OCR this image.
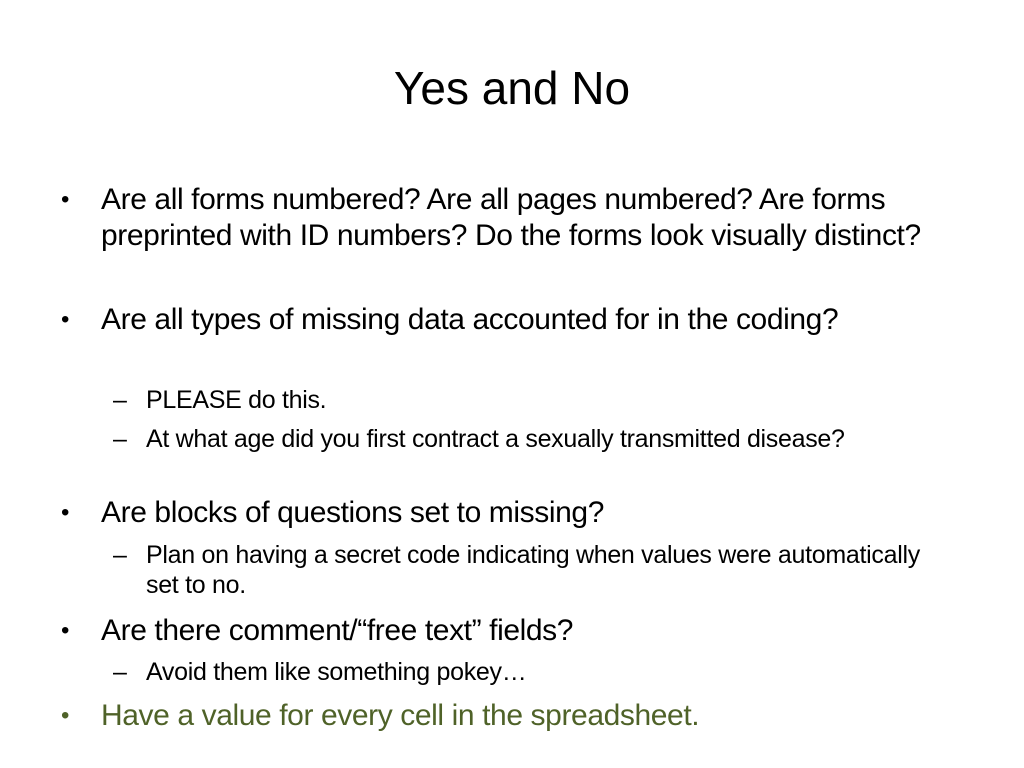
Yes and No
• Are all forms numbered? Are all pages numbered? Are forms preprinted with ID numbers? Do the forms look visually distinct?
• Are all types of missing data accounted for in the coding?
– PLEASE do this.
– At what age did you first contract a sexually transmitted disease?
• Are blocks of questions set to missing?
– Plan on having a secret code indicating when values were automatically set to no.
• Are there comment/“free text” fields?
– Avoid them like something pokey…
• Have a value for every cell in the spreadsheet.
